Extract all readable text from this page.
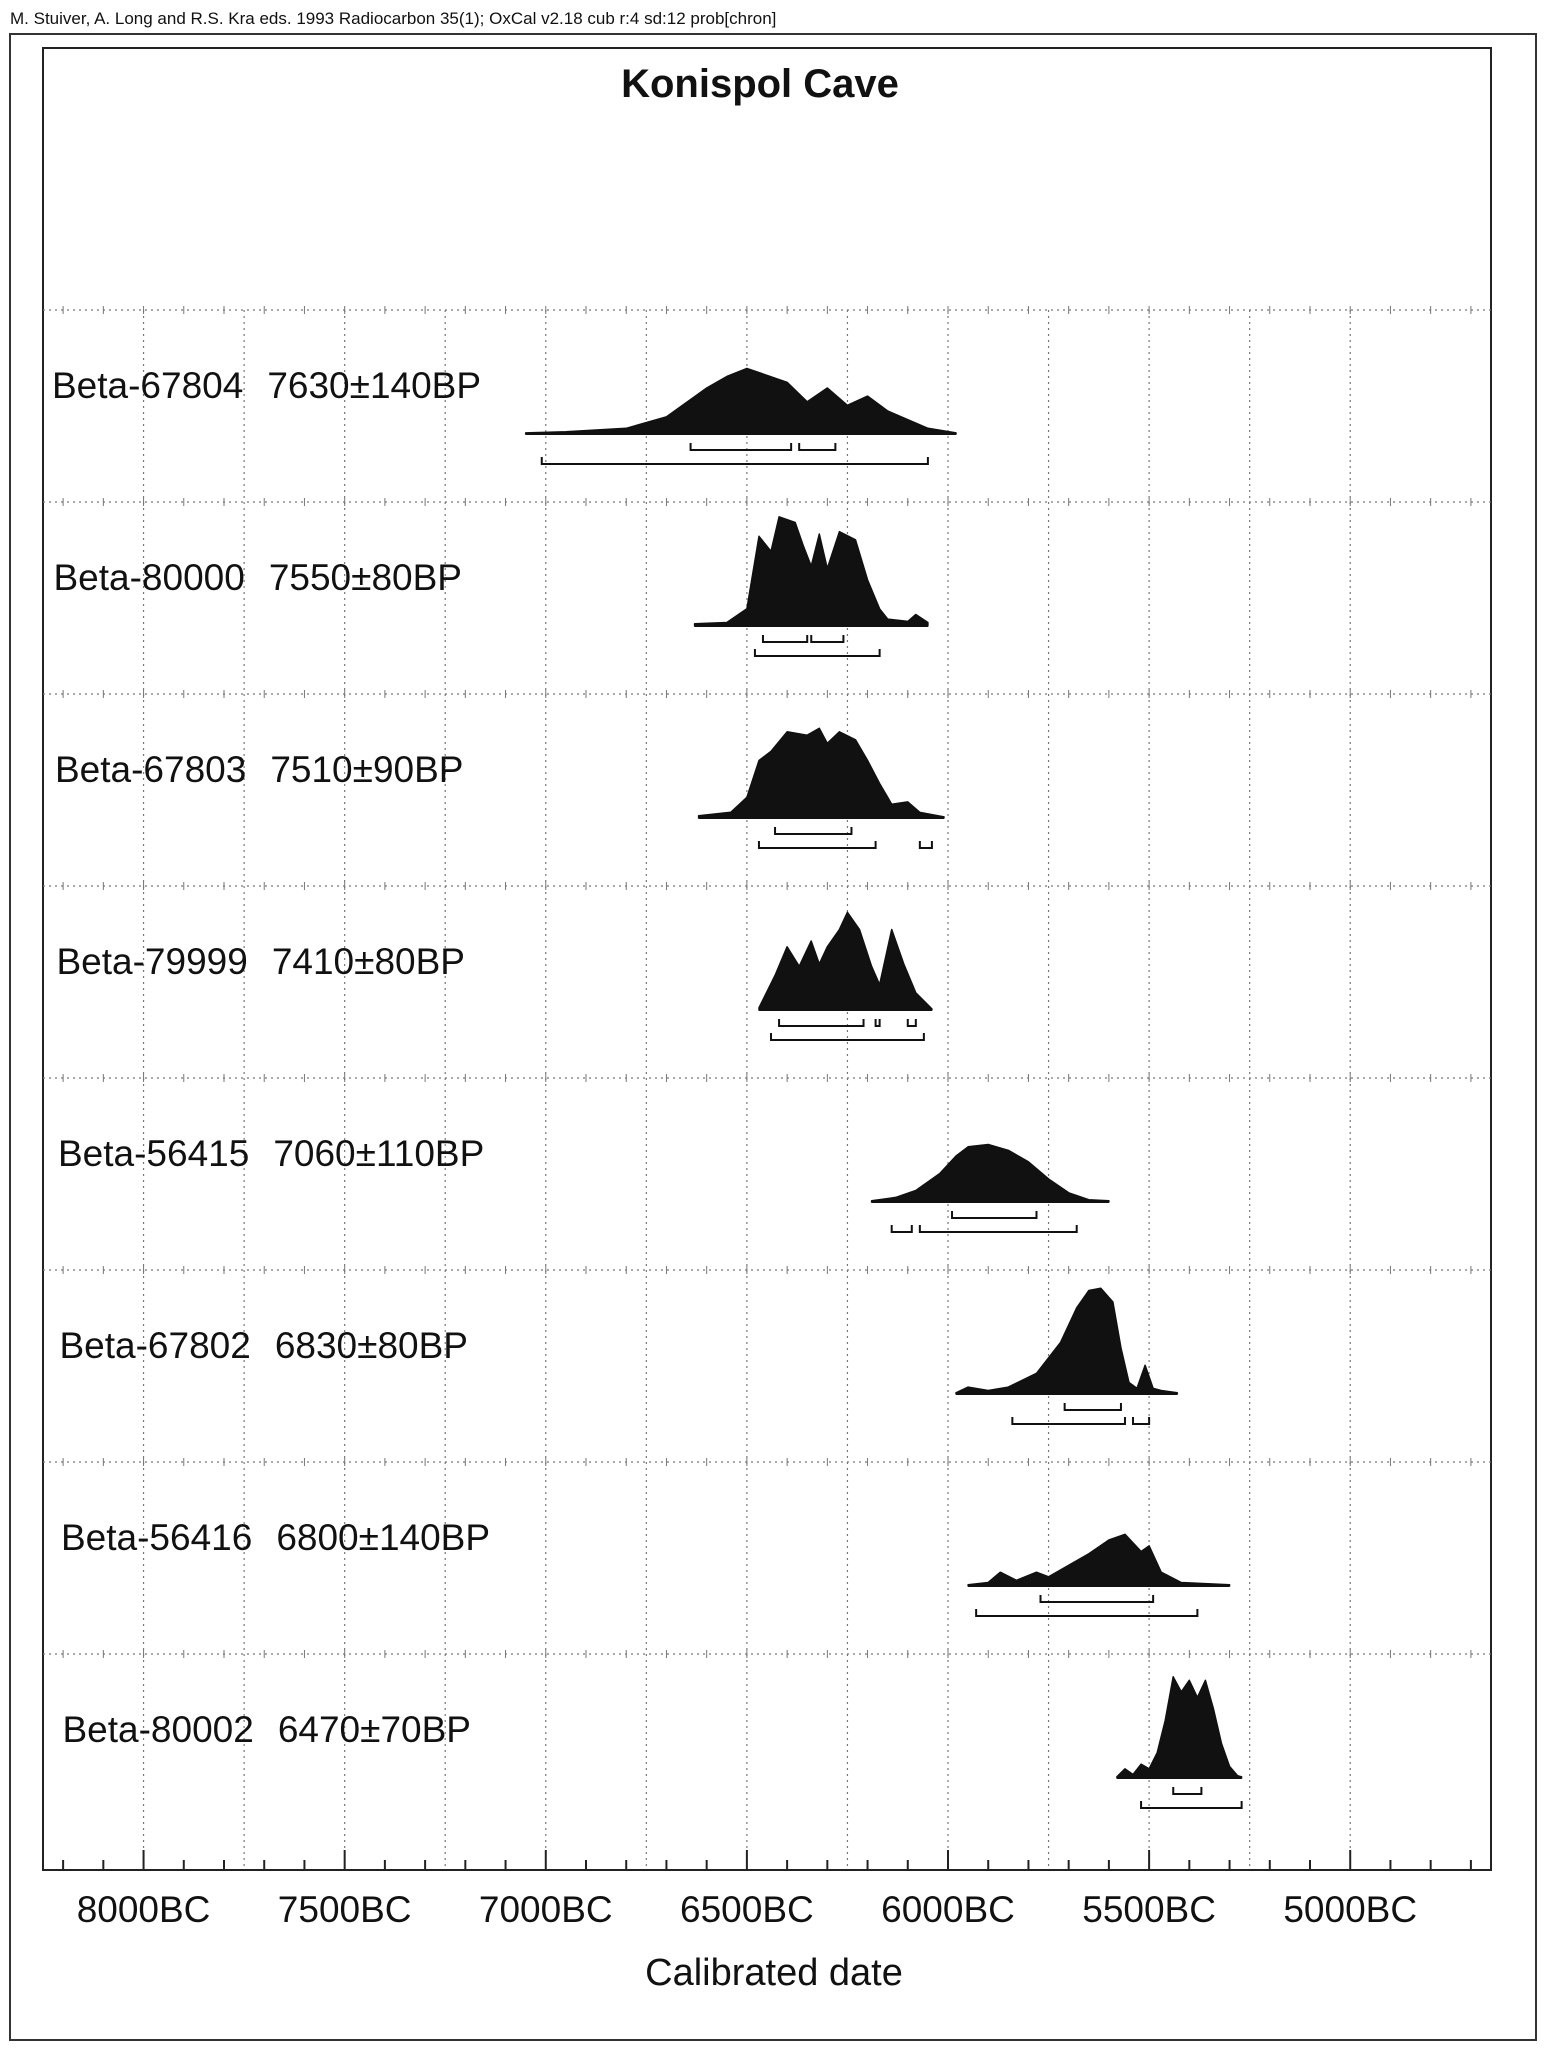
M. Stuiver, A. Long and R.S. Kra eds. 1993 Radiocarbon 35(1); OxCal v2.18 cub r:4 sd:12 prob[chron]
Konispol Cave
Beta-67804 7630±140BP
Beta-80000 7550±80BP
Beta-67803 7510±90BP
Beta-79999 7410±80BP
Beta-56415 7060±110BP
Beta-67802 6830±80BP
Beta-56416 6800±140BP
Beta-80002 6470±70BP
8000BC 7500BC 7000BC 6500BC 6000BC 5500BC 5000BC
Calibrated date
